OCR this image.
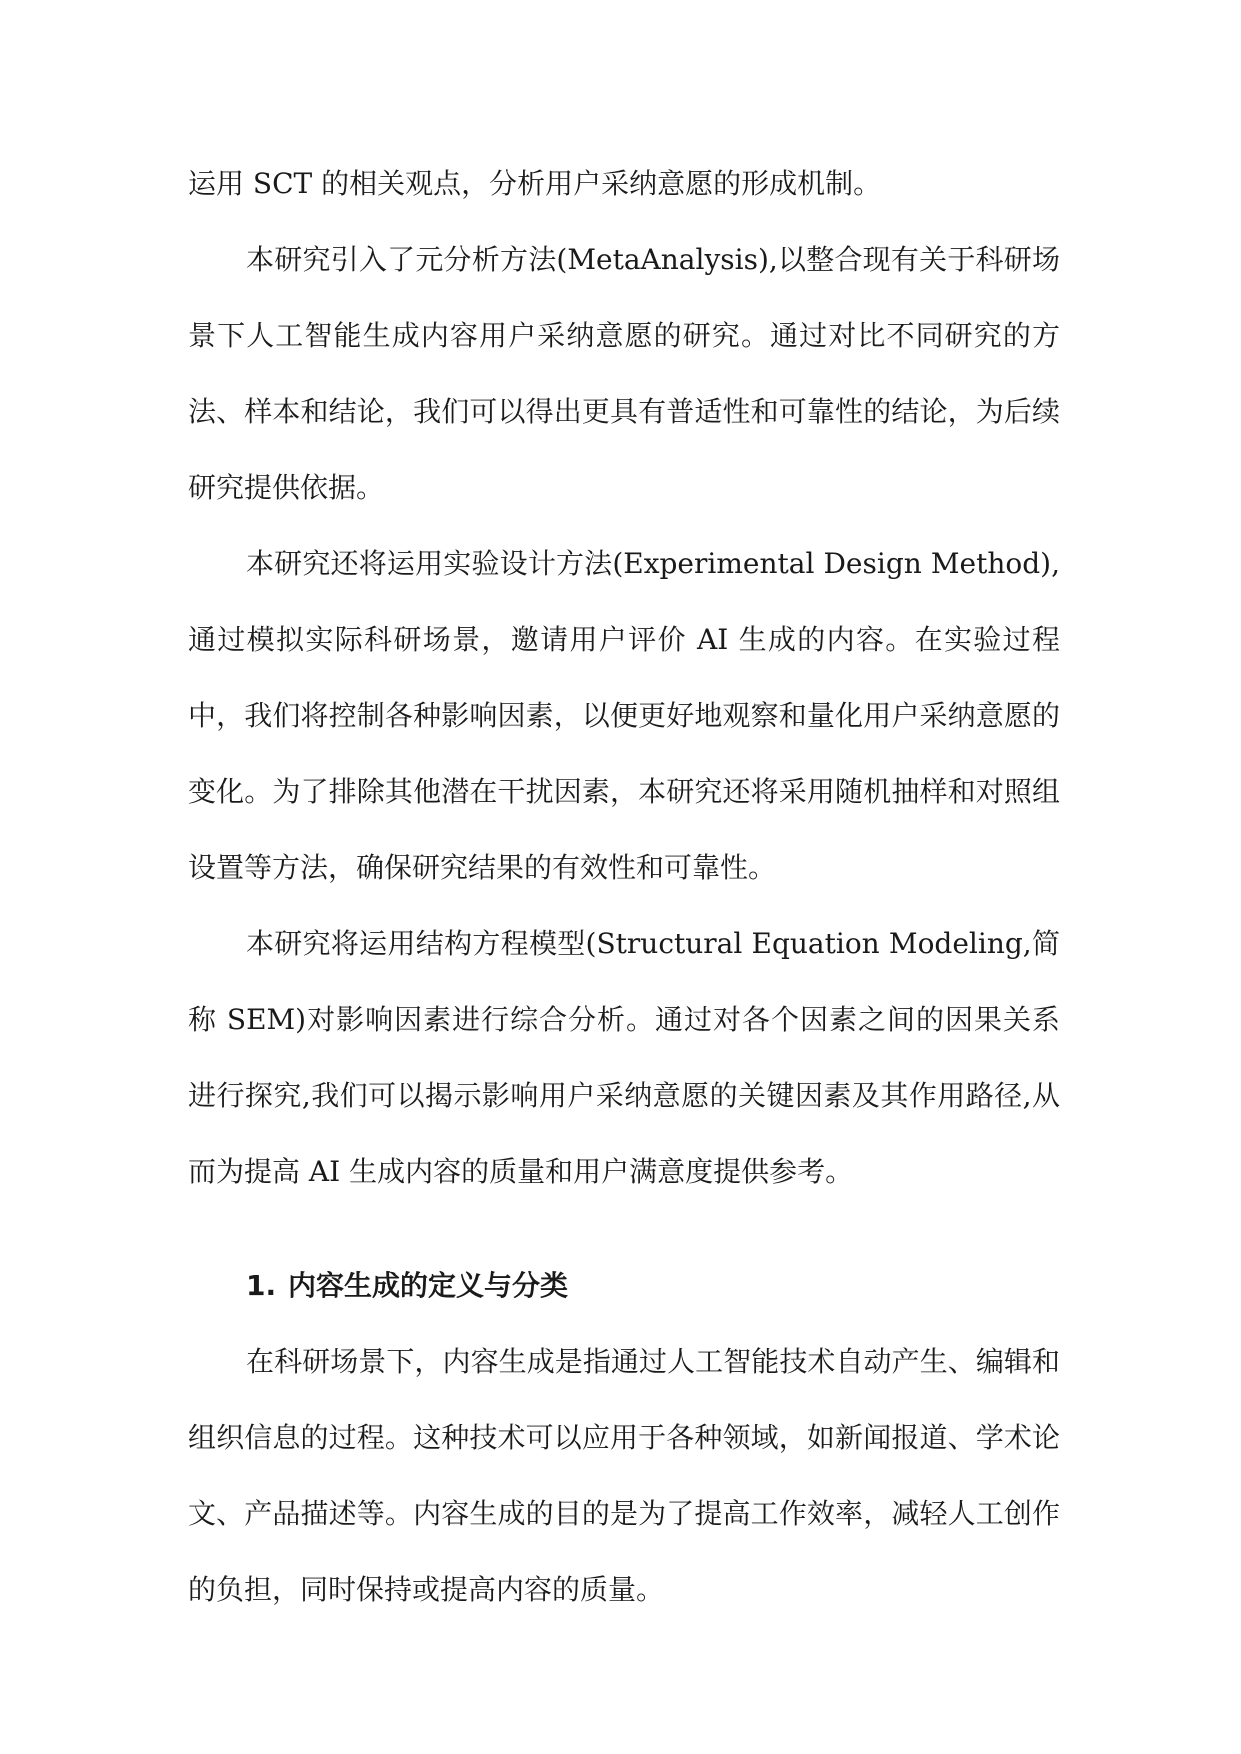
运用 SCT 的相关观点，分析用户采纳意愿的形成机制。

本研究引入了元分析方法(MetaAnalysis),以整合现有关于科研场景下人工智能生成内容用户采纳意愿的研究。通过对比不同研究的方法、样本和结论，我们可以得出更具有普适性和可靠性的结论，为后续研究提供依据。

本研究还将运用实验设计方法(Experimental Design Method),通过模拟实际科研场景，邀请用户评价 AI 生成的内容。在实验过程中，我们将控制各种影响因素，以便更好地观察和量化用户采纳意愿的变化。为了排除其他潜在干扰因素，本研究还将采用随机抽样和对照组设置等方法，确保研究结果的有效性和可靠性。

本研究将运用结构方程模型(Structural Equation Modeling,简称 SEM)对影响因素进行综合分析。通过对各个因素之间的因果关系进行探究,我们可以揭示影响用户采纳意愿的关键因素及其作用路径,从而为提高 AI 生成内容的质量和用户满意度提供参考。

1. 内容生成的定义与分类

在科研场景下，内容生成是指通过人工智能技术自动产生、编辑和组织信息的过程。这种技术可以应用于各种领域，如新闻报道、学术论文、产品描述等。内容生成的目的是为了提高工作效率，减轻人工创作的负担，同时保持或提高内容的质量。
